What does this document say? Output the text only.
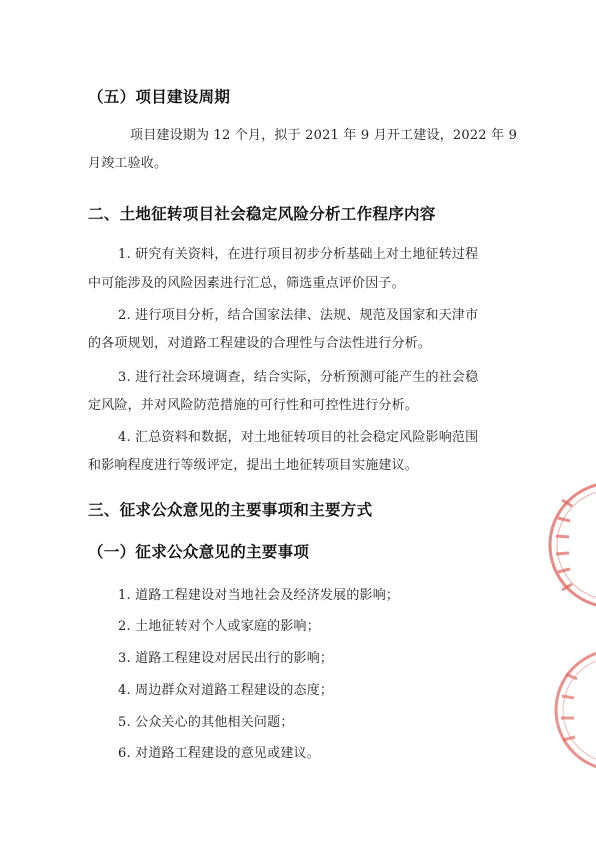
（五）项目建设周期
项目建设期为 12 个月，拟于 2021 年 9 月开工建设，2022 年 9
月竣工验收。
二、土地征转项目社会稳定风险分析工作程序内容
1. 研究有关资料，在进行项目初步分析基础上对土地征转过程
中可能涉及的风险因素进行汇总，筛选重点评价因子。
2. 进行项目分析，结合国家法律、法规、规范及国家和天津市
的各项规划，对道路工程建设的合理性与合法性进行分析。
3. 进行社会环境调查，结合实际，分析预测可能产生的社会稳
定风险，并对风险防范措施的可行性和可控性进行分析。
4. 汇总资料和数据，对土地征转项目的社会稳定风险影响范围
和影响程度进行等级评定，提出土地征转项目实施建议。
三、征求公众意见的主要事项和主要方式
（一）征求公众意见的主要事项
1. 道路工程建设对当地社会及经济发展的影响；
2. 土地征转对个人或家庭的影响；
3. 道路工程建设对居民出行的影响；
4. 周边群众对道路工程建设的态度；
5. 公众关心的其他相关问题；
6. 对道路工程建设的意见或建议。
